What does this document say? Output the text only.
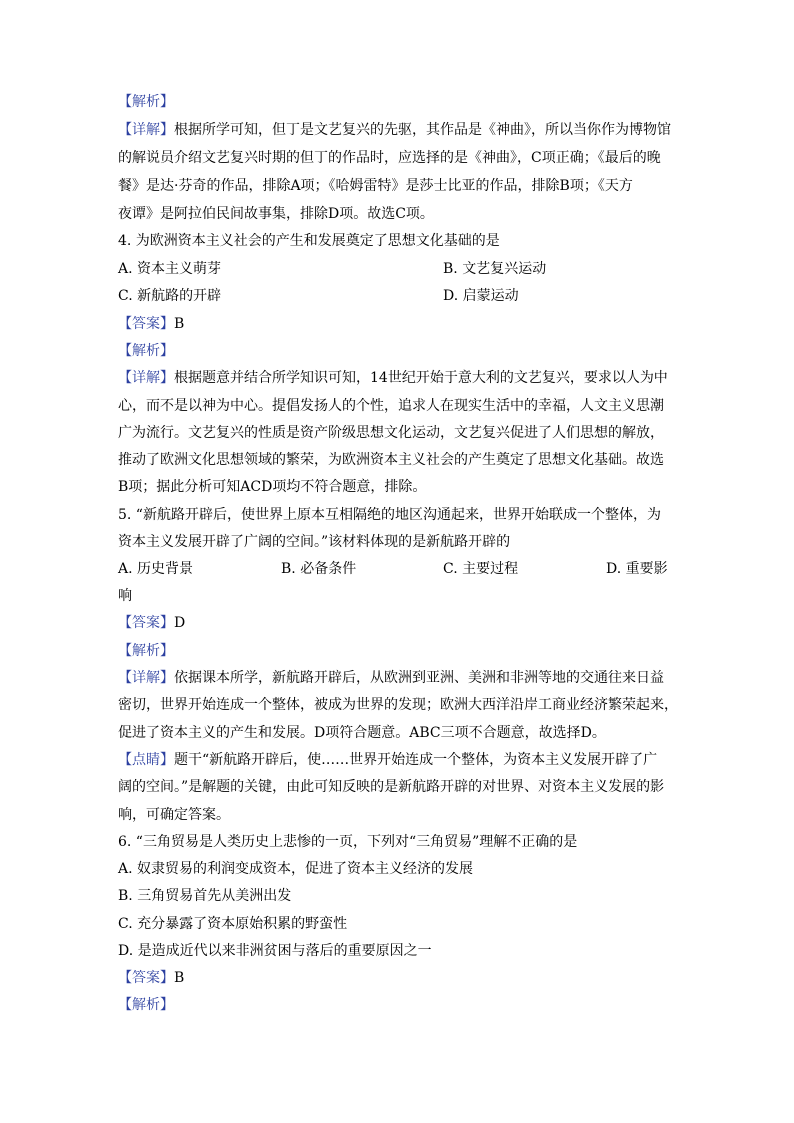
【解析】
【详解】根据所学可知，但丁是文艺复兴的先驱，其作品是《神曲》，所以当你作为博物馆
的解说员介绍文艺复兴时期的但丁的作品时，应选择的是《神曲》，C项正确；《最后的晚
餐》是达·芬奇的作品，排除A项；《哈姆雷特》是莎士比亚的作品，排除B项；《天方
夜谭》是阿拉伯民间故事集，排除D项。故选C项。
4. 为欧洲资本主义社会的产生和发展奠定了思想文化基础的是
A. 资本主义萌芽	B. 文艺复兴运动
C. 新航路的开辟	D. 启蒙运动
【答案】B
【解析】
【详解】根据题意并结合所学知识可知，14世纪开始于意大利的文艺复兴，要求以人为中
心，而不是以神为中心。提倡发扬人的个性，追求人在现实生活中的幸福，人文主义思潮
广为流行。文艺复兴的性质是资产阶级思想文化运动，文艺复兴促进了人们思想的解放，
推动了欧洲文化思想领域的繁荣，为欧洲资本主义社会的产生奠定了思想文化基础。故选
B项；据此分析可知ACD项均不符合题意，排除。
5. “新航路开辟后，使世界上原本互相隔绝的地区沟通起来，世界开始联成一个整体，为
资本主义发展开辟了广阔的空间。”该材料体现的是新航路开辟的
A. 历史背景	B. 必备条件	C. 主要过程	D. 重要影
响
【答案】D
【解析】
【详解】依据课本所学，新航路开辟后，从欧洲到亚洲、美洲和非洲等地的交通往来日益
密切，世界开始连成一个整体，被成为世界的发现；欧洲大西洋沿岸工商业经济繁荣起来，
促进了资本主义的产生和发展。D项符合题意。ABC三项不合题意，故选择D。
【点睛】题干“新航路开辟后，使……世界开始连成一个整体，为资本主义发展开辟了广
阔的空间。”是解题的关键，由此可知反映的是新航路开辟的对世界、对资本主义发展的影
响，可确定答案。
6. “三角贸易是人类历史上悲惨的一页，下列对“三角贸易”理解不正确的是
A. 奴隶贸易的利润变成资本，促进了资本主义经济的发展
B. 三角贸易首先从美洲出发
C. 充分暴露了资本原始积累的野蛮性
D. 是造成近代以来非洲贫困与落后的重要原因之一
【答案】B
【解析】
